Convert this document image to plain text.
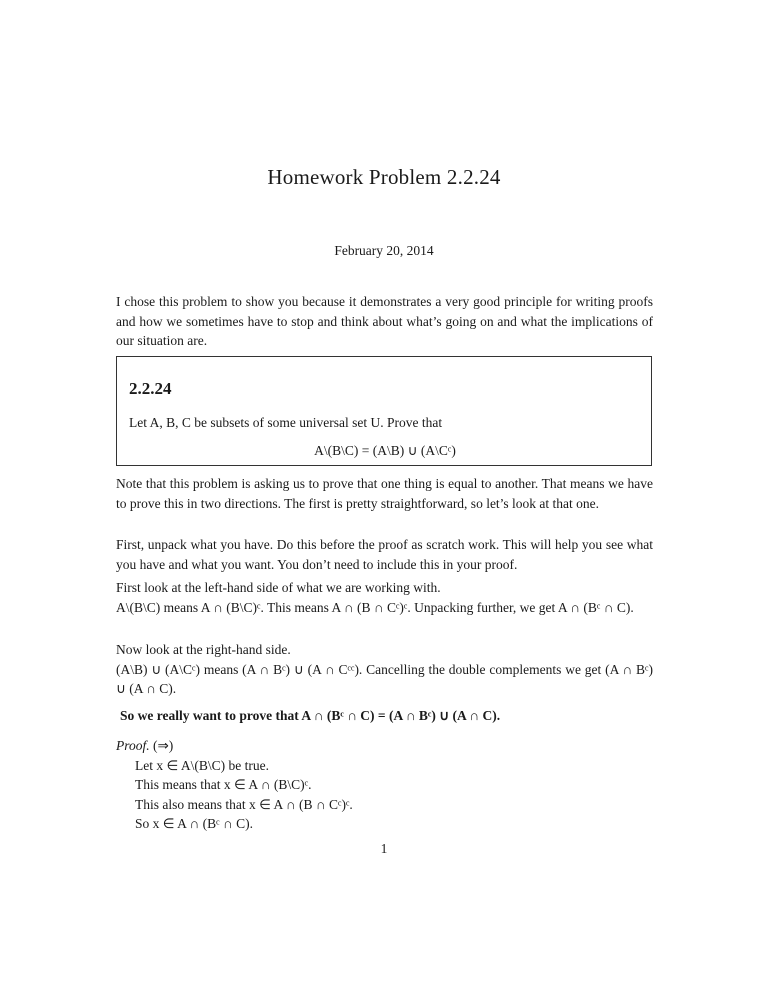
Homework Problem 2.2.24
February 20, 2014
I chose this problem to show you because it demonstrates a very good principle for writing proofs and how we sometimes have to stop and think about what’s going on and what the implications of our situation are.
2.2.24
Let A, B, C be subsets of some universal set U. Prove that
A\(B\C) = (A\B) ∪ (A\Cᶜ)
Note that this problem is asking us to prove that one thing is equal to another. That means we have to prove this in two directions. The first is pretty straightforward, so let’s look at that one.
First, unpack what you have. Do this before the proof as scratch work. This will help you see what you have and what you want. You don’t need to include this in your proof.
First look at the left-hand side of what we are working with.
A\(B\C) means A ∩ (B\C)ᶜ. This means A ∩ (B ∩ Cᶜ)ᶜ. Unpacking further, we get A ∩ (Bᶜ ∩ C).
Now look at the right-hand side.
(A\B) ∪ (A\Cᶜ) means (A ∩ Bᶜ) ∪ (A ∩ Cᶜᶜ). Cancelling the double complements we get (A ∩ Bᶜ) ∪ (A ∩ C).
So we really want to prove that A ∩ (Bᶜ ∩ C) = (A ∩ Bᶜ) ∪ (A ∩ C).
Proof. (⇒)
Let x ∈ A\(B\C) be true.
This means that x ∈ A ∩ (B\C)ᶜ.
This also means that x ∈ A ∩ (B ∩ Cᶜ)ᶜ.
So x ∈ A ∩ (Bᶜ ∩ C).
1
